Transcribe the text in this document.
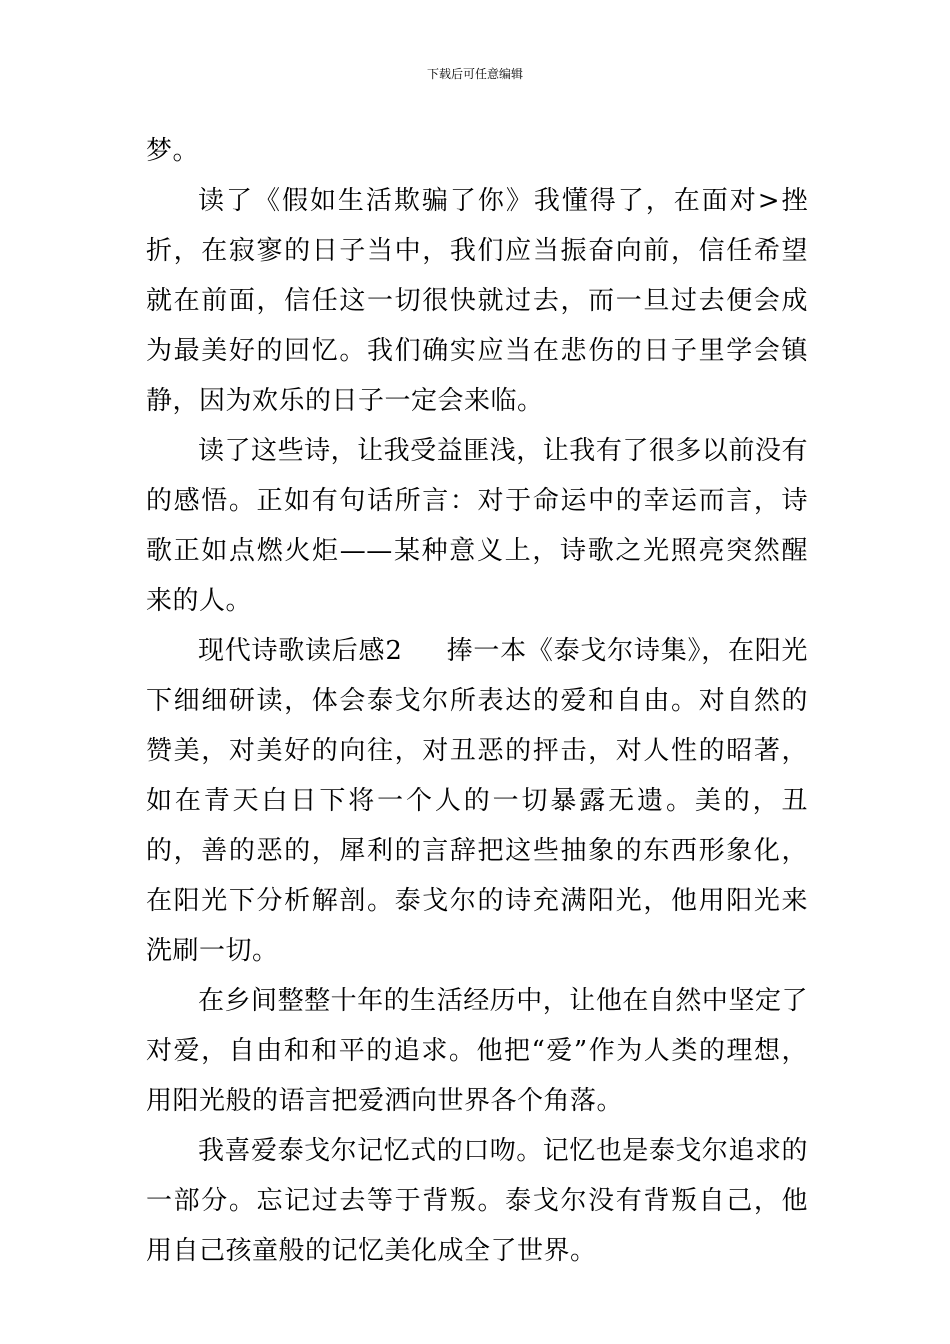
下载后可任意编辑

梦。

读了《假如生活欺骗了你》我懂得了，在面对>挫折，在寂寥的日子当中，我们应当振奋向前，信任希望就在前面，信任这一切很快就过去，而一旦过去便会成为最美好的回忆。我们确实应当在悲伤的日子里学会镇静，因为欢乐的日子一定会来临。

读了这些诗，让我受益匪浅，让我有了很多以前没有的感悟。正如有句话所言：对于命运中的幸运而言，诗歌正如点燃火炬——某种意义上，诗歌之光照亮突然醒来的人。

现代诗歌读后感2 捧一本《泰戈尔诗集》，在阳光下细细研读，体会泰戈尔所表达的爱和自由。对自然的赞美，对美好的向往，对丑恶的抨击，对人性的昭著，如在青天白日下将一个人的一切暴露无遗。美的，丑的，善的恶的，犀利的言辞把这些抽象的东西形象化，在阳光下分析解剖。泰戈尔的诗充满阳光，他用阳光来洗刷一切。

在乡间整整十年的生活经历中，让他在自然中坚定了对爱，自由和和平的追求。他把“爱”作为人类的理想，用阳光般的语言把爱洒向世界各个角落。

我喜爱泰戈尔记忆式的口吻。记忆也是泰戈尔追求的一部分。忘记过去等于背叛。泰戈尔没有背叛自己，他用自己孩童般的记忆美化成全了世界。
